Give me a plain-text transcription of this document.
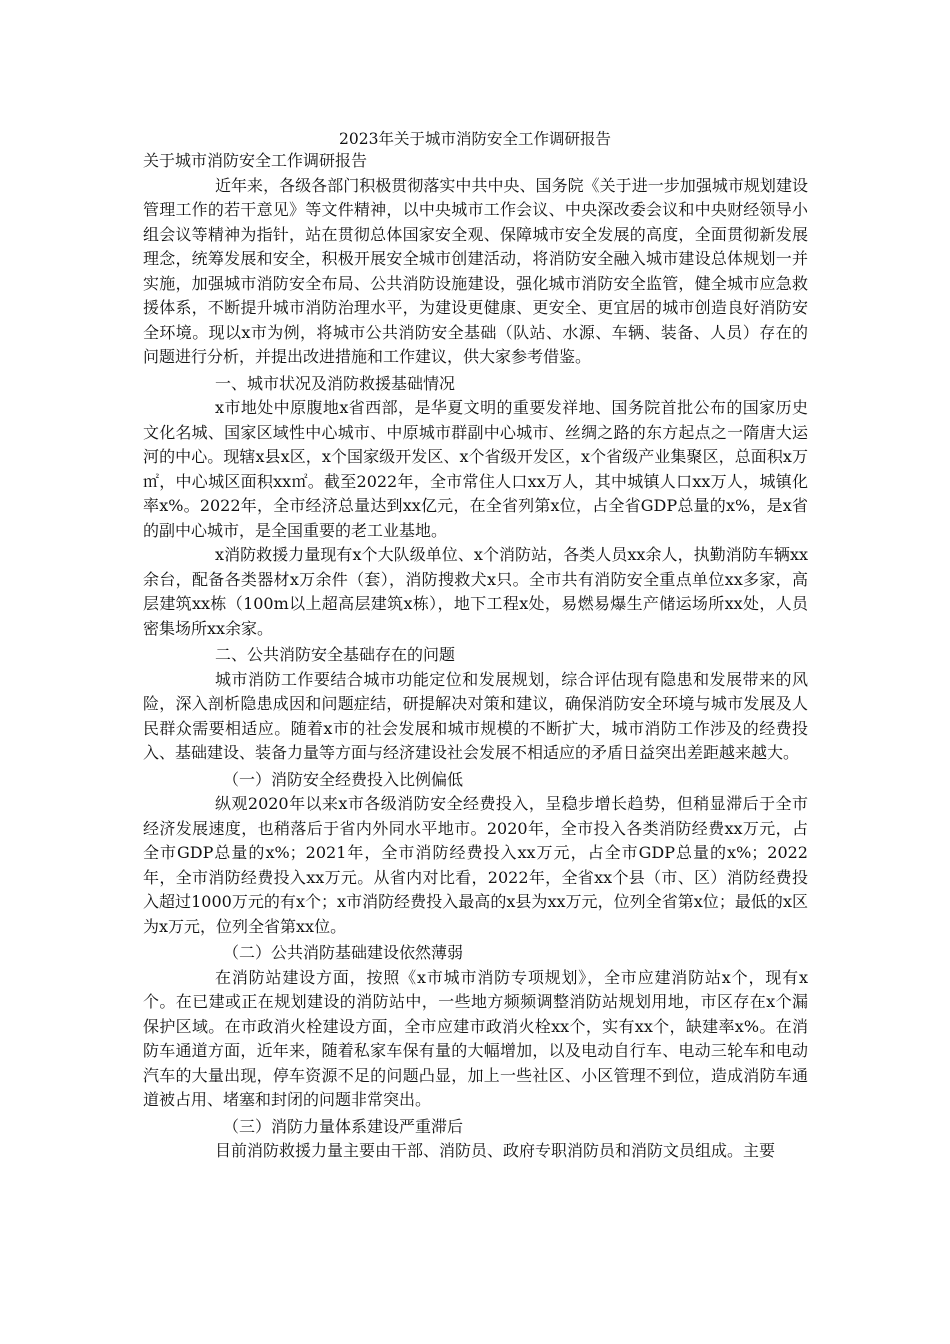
2023年关于城市消防安全工作调研报告

关于城市消防安全工作调研报告

近年来，各级各部门积极贯彻落实中共中央、国务院《关于进一步加强城市规划建设管理工作的若干意见》等文件精神，以中央城市工作会议、中央深改委会议和中央财经领导小组会议等精神为指针，站在贯彻总体国家安全观、保障城市安全发展的高度，全面贯彻新发展理念，统筹发展和安全，积极开展安全城市创建活动，将消防安全融入城市建设总体规划一并实施，加强城市消防安全布局、公共消防设施建设，强化城市消防安全监管，健全城市应急救援体系，不断提升城市消防治理水平，为建设更健康、更安全、更宜居的城市创造良好消防安全环境。现以x市为例，将城市公共消防安全基础（队站、水源、车辆、装备、人员）存在的问题进行分析，并提出改进措施和工作建议，供大家参考借鉴。

一、城市状况及消防救援基础情况

x市地处中原腹地x省西部，是华夏文明的重要发祥地、国务院首批公布的国家历史文化名城、国家区域性中心城市、中原城市群副中心城市、丝绸之路的东方起点之一隋唐大运河的中心。现辖x县x区，x个国家级开发区、x个省级开发区，x个省级产业集聚区，总面积x万㎡，中心城区面积xx㎡。截至2022年，全市常住人口xx万人，其中城镇人口xx万人，城镇化率x%。2022年，全市经济总量达到xx亿元，在全省列第x位，占全省GDP总量的x%，是x省的副中心城市，是全国重要的老工业基地。

x消防救援力量现有x个大队级单位、x个消防站，各类人员xx余人，执勤消防车辆xx余台，配备各类器材x万余件（套），消防搜救犬x只。全市共有消防安全重点单位xx多家，高层建筑xx栋（100m以上超高层建筑x栋），地下工程x处，易燃易爆生产储运场所xx处，人员密集场所xx余家。

二、公共消防安全基础存在的问题

城市消防工作要结合城市功能定位和发展规划，综合评估现有隐患和发展带来的风险，深入剖析隐患成因和问题症结，研提解决对策和建议，确保消防安全环境与城市发展及人民群众需要相适应。随着x市的社会发展和城市规模的不断扩大，城市消防工作涉及的经费投入、基础建设、装备力量等方面与经济建设社会发展不相适应的矛盾日益突出差距越来越大。

（一）消防安全经费投入比例偏低

纵观2020年以来x市各级消防安全经费投入，呈稳步增长趋势，但稍显滞后于全市经济发展速度，也稍落后于省内外同水平地市。2020年，全市投入各类消防经费xx万元，占全市GDP总量的x%；2021年，全市消防经费投入xx万元，占全市GDP总量的x%；2022年，全市消防经费投入xx万元。从省内对比看，2022年，全省xx个县（市、区）消防经费投入超过1000万元的有x个；x市消防经费投入最高的x县为xx万元，位列全省第x位；最低的x区为x万元，位列全省第xx位。

（二）公共消防基础建设依然薄弱

在消防站建设方面，按照《x市城市消防专项规划》，全市应建消防站x个，现有x个。在已建或正在规划建设的消防站中，一些地方频频调整消防站规划用地，市区存在x个漏保护区域。在市政消火栓建设方面，全市应建市政消火栓xx个，实有xx个，缺建率x%。在消防车通道方面，近年来，随着私家车保有量的大幅增加，以及电动自行车、电动三轮车和电动汽车的大量出现，停车资源不足的问题凸显，加上一些社区、小区管理不到位，造成消防车通道被占用、堵塞和封闭的问题非常突出。

（三）消防力量体系建设严重滞后

目前消防救援力量主要由干部、消防员、政府专职消防员和消防文员组成。主要
